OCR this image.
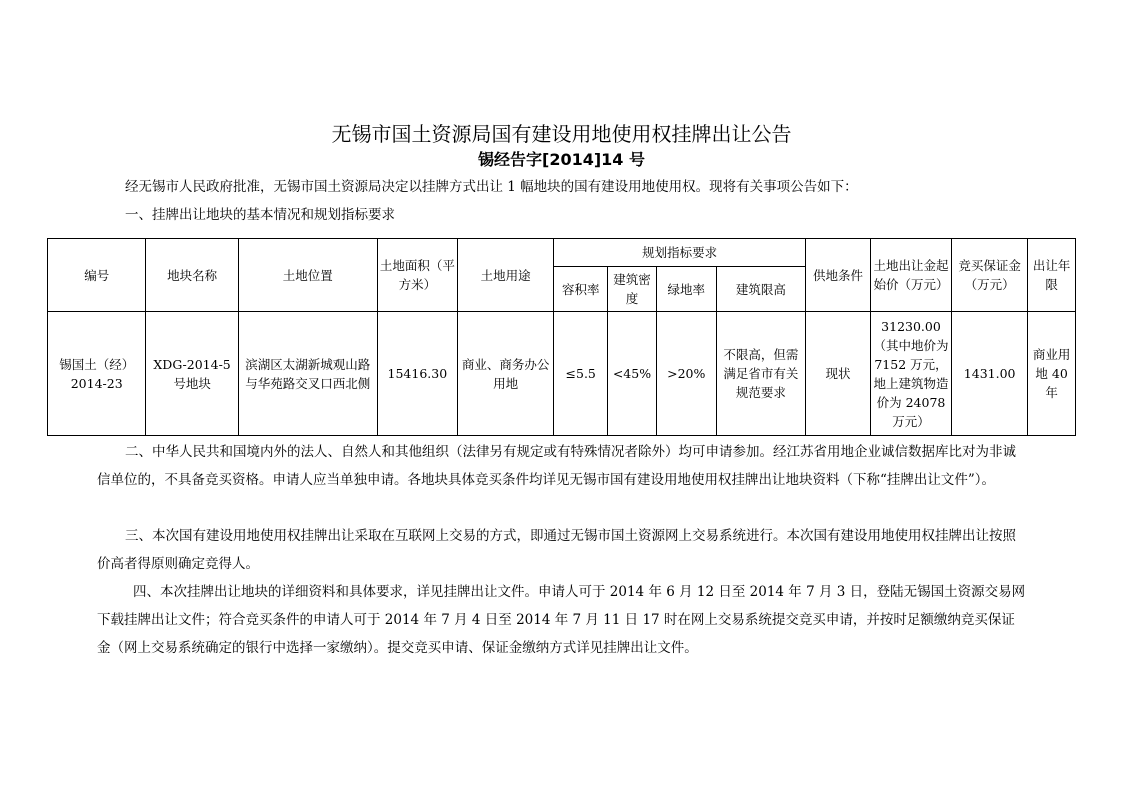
无锡市国土资源局国有建设用地使用权挂牌出让公告
锡经告字[2014]14 号

经无锡市人民政府批准，无锡市国土资源局决定以挂牌方式出让 1 幅地块的国有建设用地使用权。现将有关事项公告如下：

一、挂牌出让地块的基本情况和规划指标要求

编号	地块名称	土地位置	土地面积（平方米）	土地用途	规划指标要求				供地条件	土地出让金起始价（万元）	竞买保证金（万元）	出让年限
					容积率	建筑密度	绿地率	建筑限高				
锡国土（经）2014-23	XDG-2014-5 号地块	滨湖区太湖新城观山路与华苑路交叉口西北侧	15416.30	商业、商务办公用地	≤5.5	<45%	>20%	不限高，但需满足省市有关规范要求	现状	31230.00（其中地价为 7152 万元，地上建筑物造价为 24078 万元）	1431.00	商业用地 40 年

二、中华人民共和国境内外的法人、自然人和其他组织（法律另有规定或有特殊情况者除外）均可申请参加。经江苏省用地企业诚信数据库比对为非诚信单位的，不具备竞买资格。申请人应当单独申请。各地块具体竞买条件均详见无锡市国有建设用地使用权挂牌出让地块资料（下称“挂牌出让文件”）。

三、本次国有建设用地使用权挂牌出让采取在互联网上交易的方式，即通过无锡市国土资源网上交易系统进行。本次国有建设用地使用权挂牌出让按照价高者得原则确定竞得人。

四、本次挂牌出让地块的详细资料和具体要求，详见挂牌出让文件。申请人可于 2014 年 6 月 12 日至 2014 年 7 月 3 日，登陆无锡国土资源交易网下载挂牌出让文件；符合竞买条件的申请人可于 2014 年 7 月 4 日至 2014 年 7 月 11 日 17 时在网上交易系统提交竞买申请，并按时足额缴纳竞买保证金（网上交易系统确定的银行中选择一家缴纳）。提交竞买申请、保证金缴纳方式详见挂牌出让文件。
